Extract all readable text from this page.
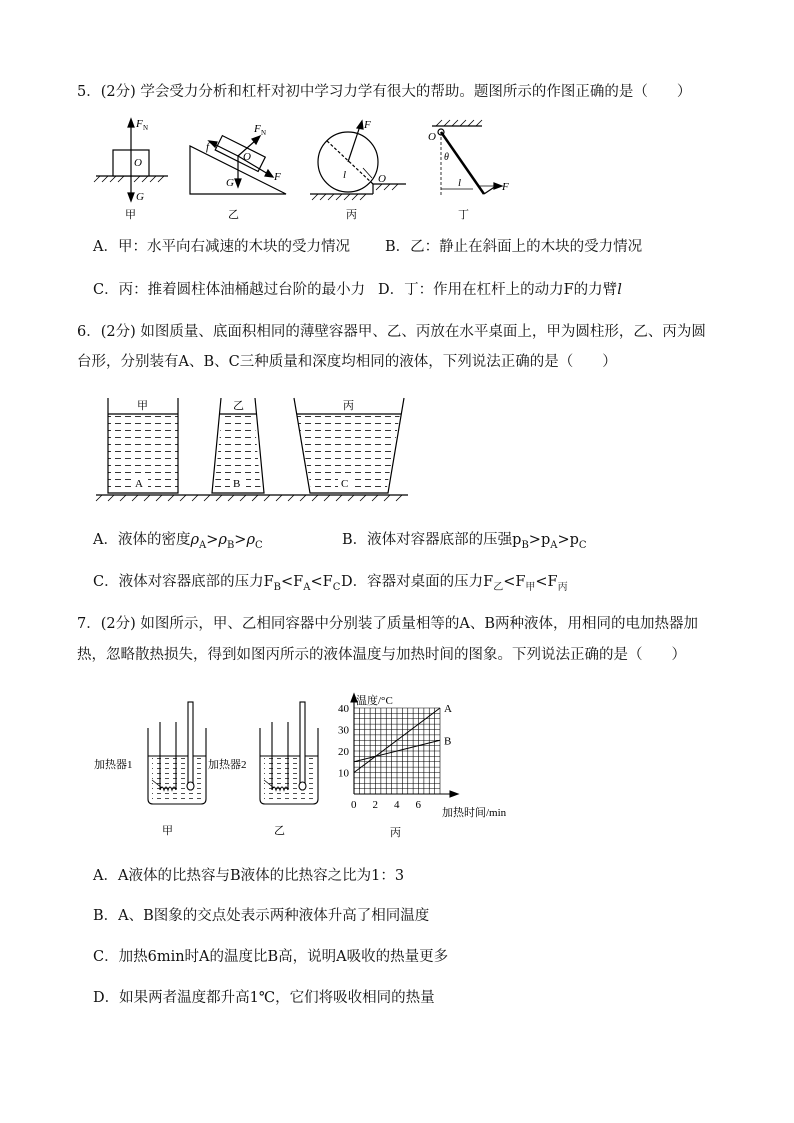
5．(2分) 学会受力分析和杠杆对初中学习力学有很大的帮助。题图所示的作图正确的是（　　）
F N
O
G
甲
F N
f
O
G	F
乙
F
l	O
丙
O
θ
l	F
丁
A．甲：水平向右减速的木块的受力情况 B．乙：静止在斜面上的木块的受力情况
C．丙：推着圆柱体油桶越过台阶的最小力 D．丁：作用在杠杆上的动力F的力臂l
6．(2分) 如图质量、底面积相同的薄壁容器甲、乙、丙放在水平桌面上，甲为圆柱形，乙、丙为圆
台形，分别装有A、B、C三种质量和深度均相同的液体，下列说法正确的是（　　）
甲	乙	丙
A	B	C
A．液体的密度$\rho_A>\rho_B>\rho_C$	B．液体对容器底部的压强$p_B>p_A>p_C$
C．液体对容器底部的压力$F_B<F_A<F_C$ D．容器对桌面的压力$F_乙<F_甲<F_丙$
7．(2分) 如图所示，甲、乙相同容器中分别装了质量相等的A、B两种液体，用相同的电加热器加
热，忽略散热损失，得到如图丙所示的液体温度与加热时间的图象。下列说法正确的是（　　）
加热器1	加热器2
甲	乙
A
B
0 2 4 6
10
20
30
40
温度/°C
加热时间/min
丙
A．A液体的比热容与B液体的比热容之比为1：3
B．A、B图象的交点处表示两种液体升高了相同温度
C．加热6min时A的温度比B高，说明A吸收的热量更多
D．如果两者温度都升高1℃，它们将吸收相同的热量
